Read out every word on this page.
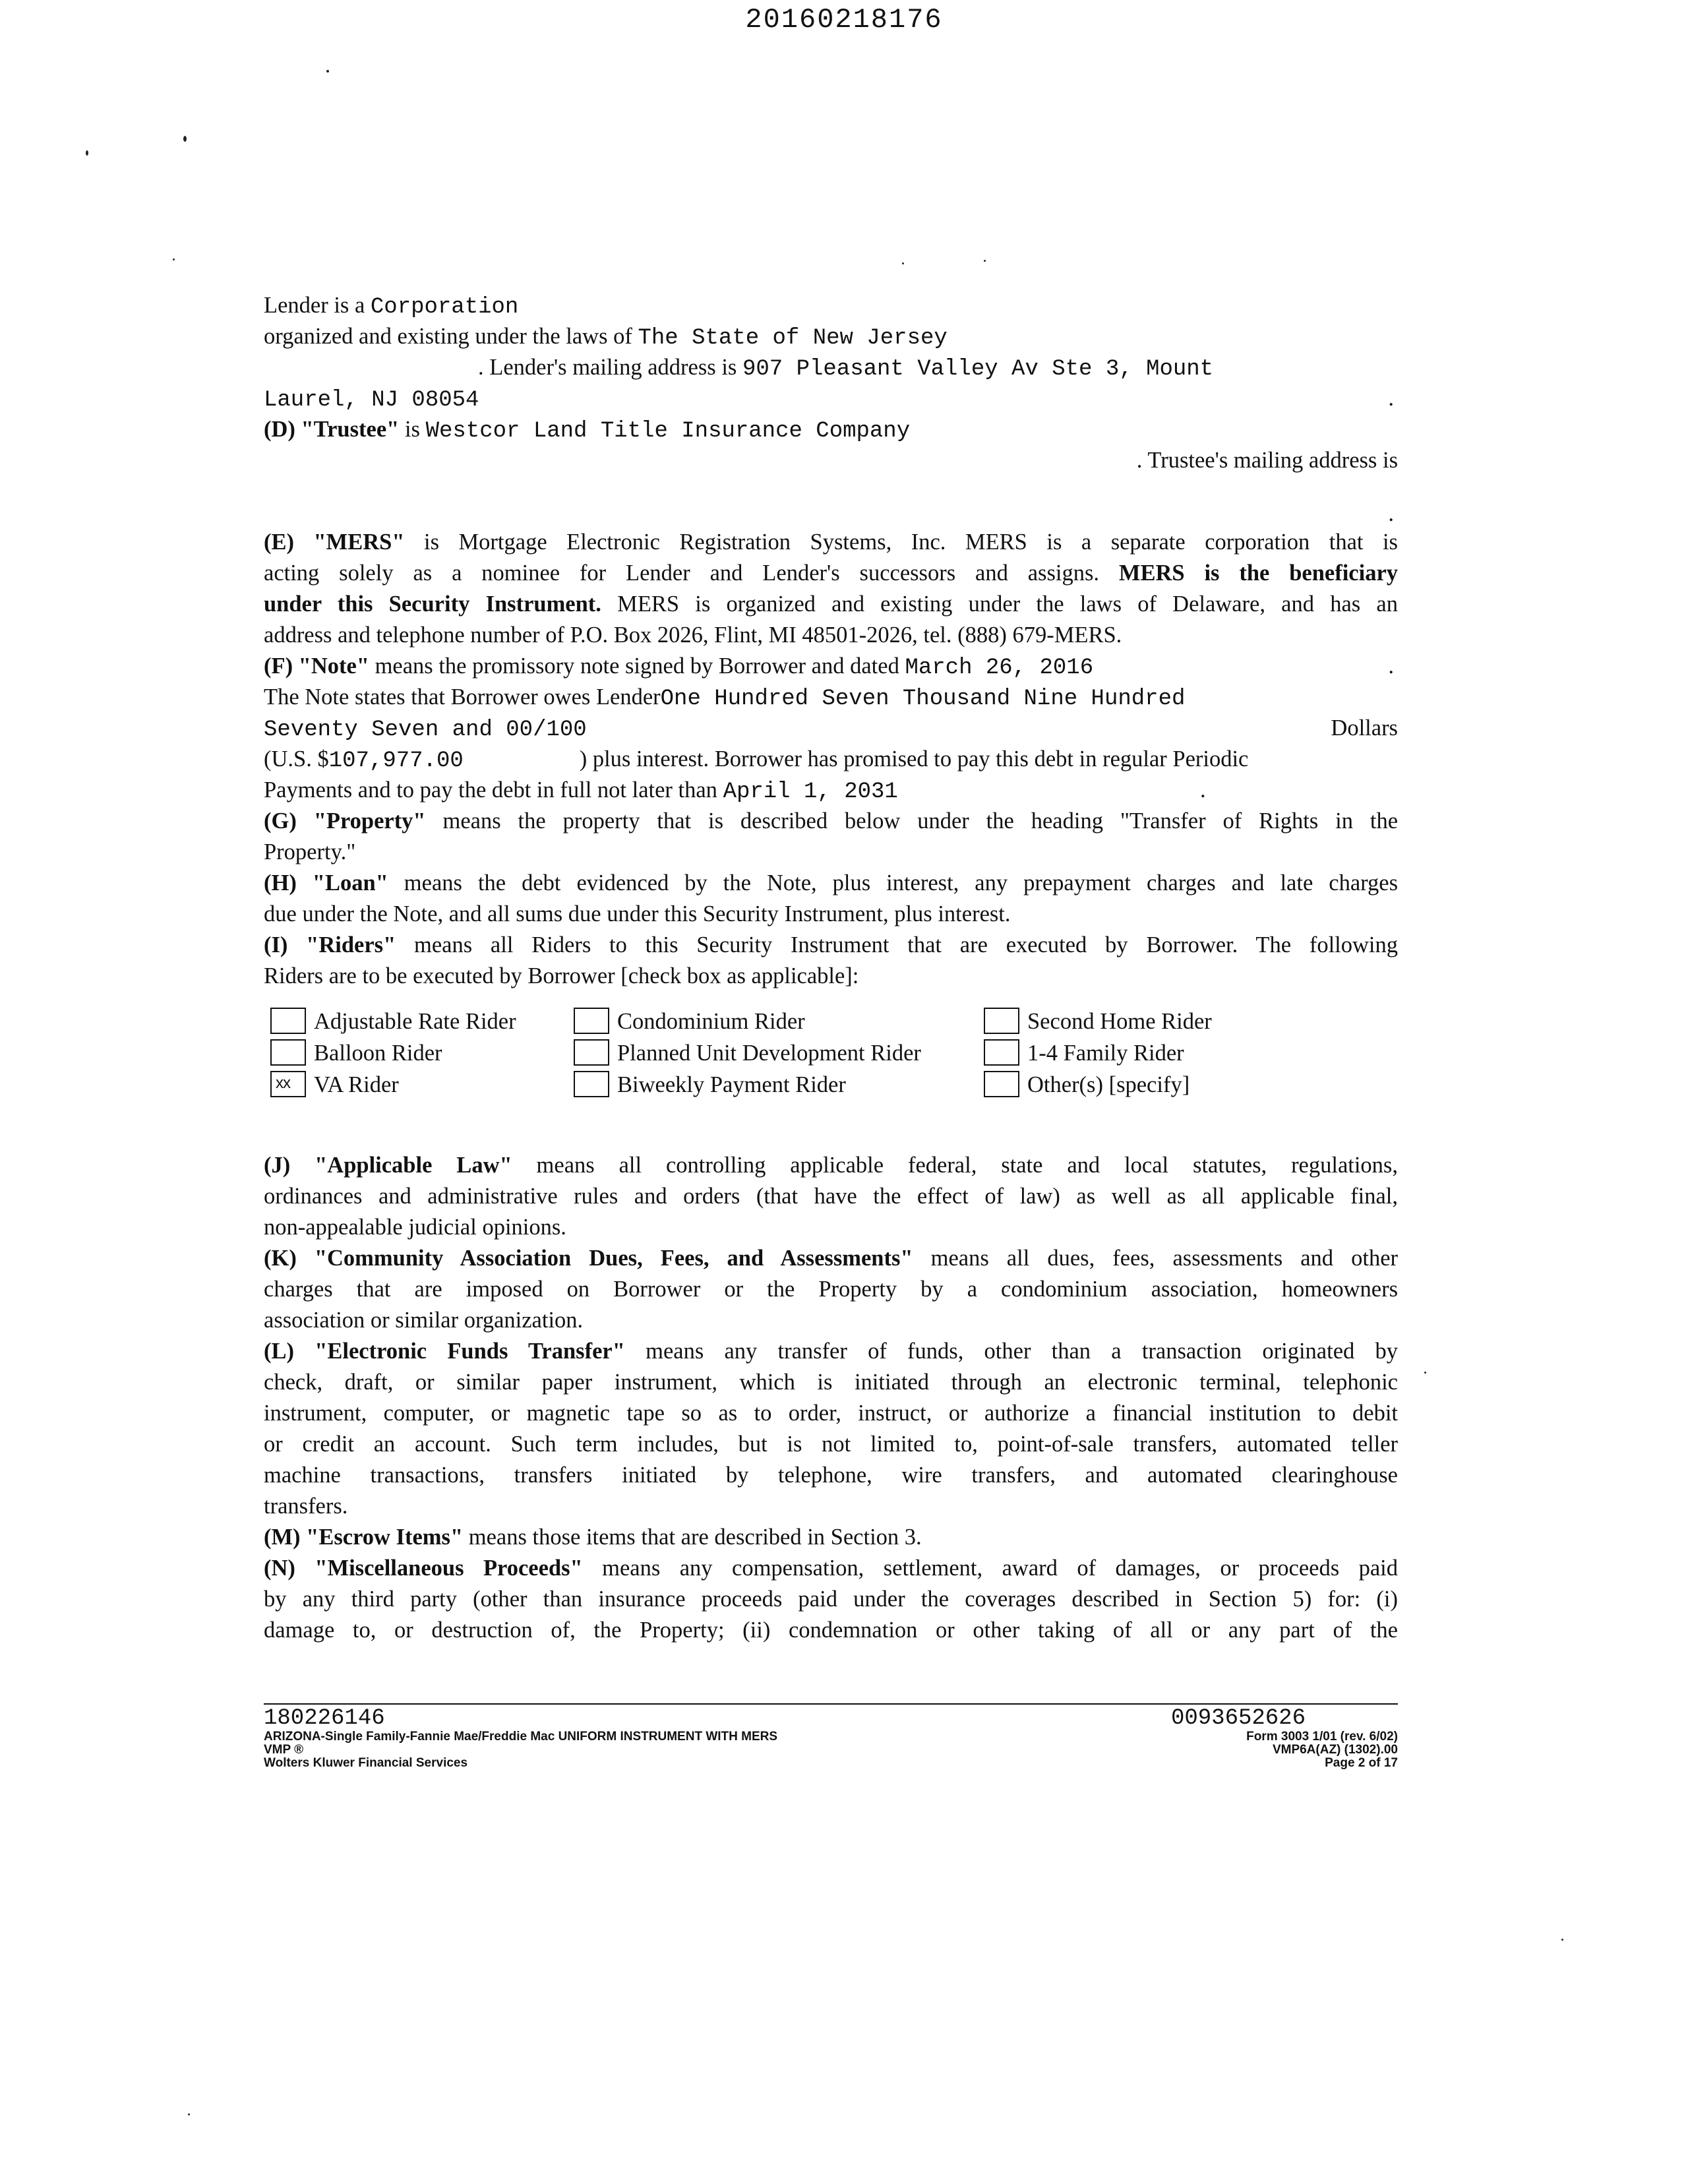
20160218176
Lender is a Corporation
organized and existing under the laws of The State of New Jersey
. Lender's mailing address is 907 Pleasant Valley Av Ste 3, Mount
Laurel, NJ 08054	.
(D) "Trustee" is Westcor Land Title Insurance Company
. Trustee's mailing address is
.
(E) "MERS" is Mortgage Electronic Registration Systems, Inc. MERS is a separate corporation that is
acting solely as a nominee for Lender and Lender's successors and assigns. MERS is the beneficiary
under this Security Instrument. MERS is organized and existing under the laws of Delaware, and has an
address and telephone number of P.O. Box 2026, Flint, MI 48501-2026, tel. (888) 679-MERS.
(F) "Note" means the promissory note signed by Borrower and dated March 26, 2016	.
The Note states that Borrower owes LenderOne Hundred Seven Thousand Nine Hundred
Seventy Seven and 00/100	Dollars
(U.S. $107,977.00	) plus interest. Borrower has promised to pay this debt in regular Periodic
Payments and to pay the debt in full not later than April 1, 2031	.
(G) "Property" means the property that is described below under the heading "Transfer of Rights in the
Property."
(H) "Loan" means the debt evidenced by the Note, plus interest, any prepayment charges and late charges
due under the Note, and all sums due under this Security Instrument, plus interest.
(I) "Riders" means all Riders to this Security Instrument that are executed by Borrower. The following
Riders are to be executed by Borrower [check box as applicable]:
Adjustable Rate Rider	Condominium Rider	Second Home Rider
Balloon Rider	Planned Unit Development Rider	1-4 Family Rider
xx VA Rider	Biweekly Payment Rider	Other(s) [specify]
(J) "Applicable Law" means all controlling applicable federal, state and local statutes, regulations,
ordinances and administrative rules and orders (that have the effect of law) as well as all applicable final,
non-appealable judicial opinions.
(K) "Community Association Dues, Fees, and Assessments" means all dues, fees, assessments and other
charges that are imposed on Borrower or the Property by a condominium association, homeowners
association or similar organization.
(L) "Electronic Funds Transfer" means any transfer of funds, other than a transaction originated by
check, draft, or similar paper instrument, which is initiated through an electronic terminal, telephonic
instrument, computer, or magnetic tape so as to order, instruct, or authorize a financial institution to debit
or credit an account. Such term includes, but is not limited to, point-of-sale transfers, automated teller
machine transactions, transfers initiated by telephone, wire transfers, and automated clearinghouse
transfers.
(M) "Escrow Items" means those items that are described in Section 3.
(N) "Miscellaneous Proceeds" means any compensation, settlement, award of damages, or proceeds paid
by any third party (other than insurance proceeds paid under the coverages described in Section 5) for: (i)
damage to, or destruction of, the Property; (ii) condemnation or other taking of all or any part of the
180226146
ARIZONA-Single Family-Fannie Mae/Freddie Mac UNIFORM INSTRUMENT WITH MERS
VMP ®
Wolters Kluwer Financial Services
0093652626
Form 3003 1/01 (rev. 6/02)
VMP6A(AZ) (1302).00
Page 2 of 17
